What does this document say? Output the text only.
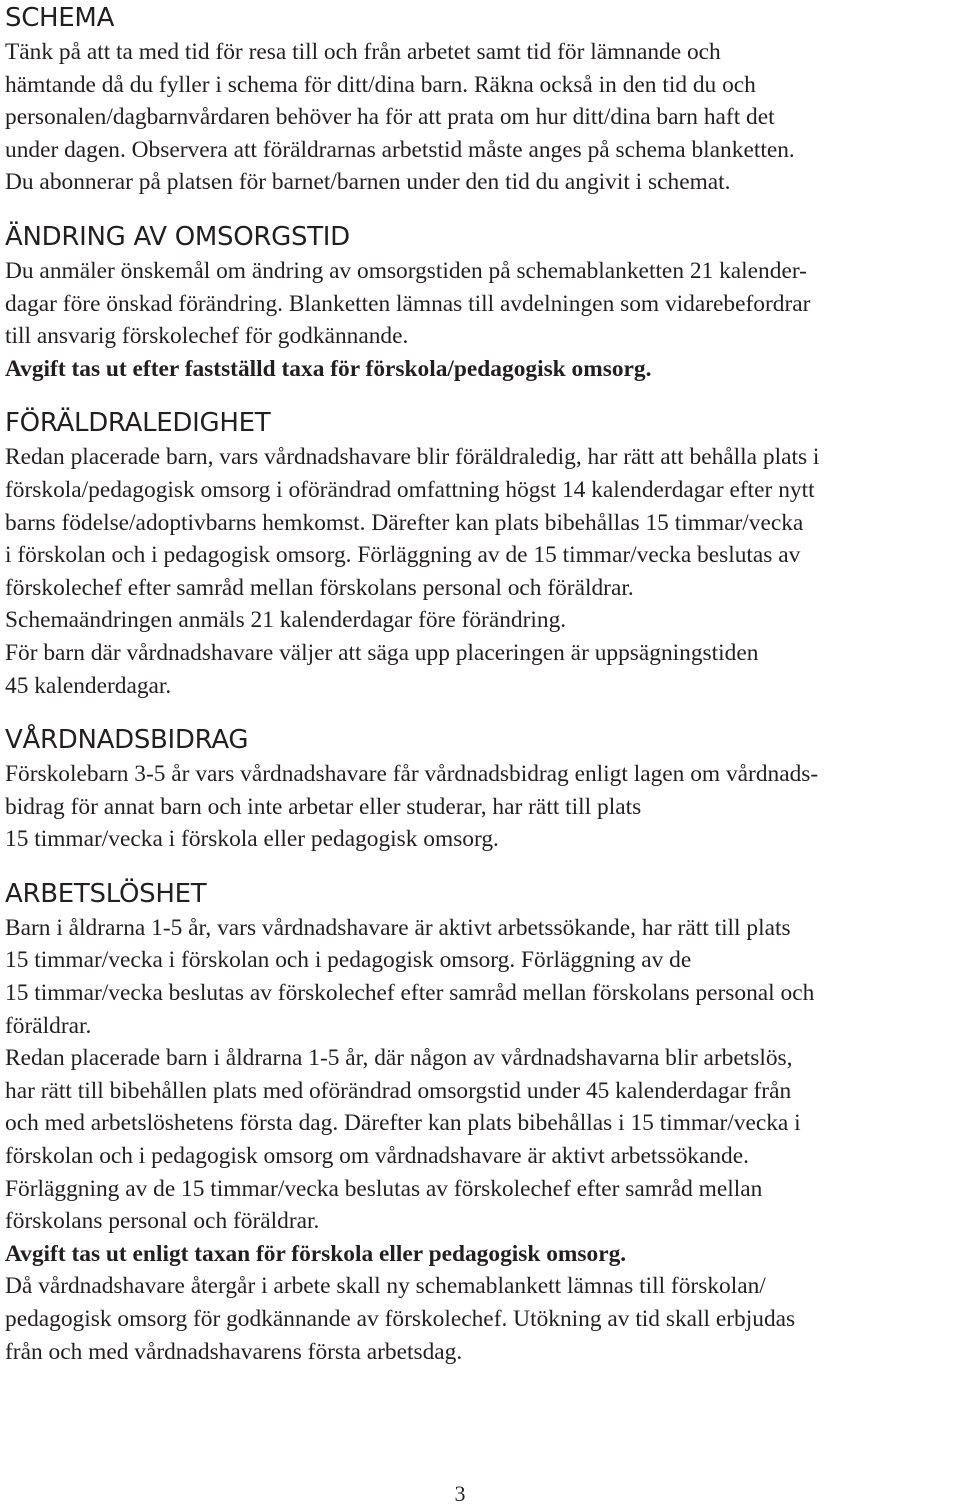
SCHEMA

Tänk på att ta med tid för resa till och från arbetet samt tid för lämnande och
hämtande då du fyller i schema för ditt/dina barn. Räkna också in den tid du och
personalen/dagbarnvårdaren behöver ha för att prata om hur ditt/dina barn haft det
under dagen. Observera att föräldrarnas arbetstid måste anges på schema blanketten.
Du abonnerar på platsen för barnet/barnen under den tid du angivit i schemat.

ÄNDRING AV OMSORGSTID

Du anmäler önskemål om ändring av omsorgstiden på schemablanketten 21 kalender-
dagar före önskad förändring. Blanketten lämnas till avdelningen som vidarebefordrar
till ansvarig förskolechef för godkännande.
Avgift tas ut efter fastställd taxa för förskola/pedagogisk omsorg.

FÖRÄLDRALEDIGHET

Redan placerade barn, vars vårdnadshavare blir föräldraledig, har rätt att behålla plats i
förskola/pedagogisk omsorg i oförändrad omfattning högst 14 kalenderdagar efter nytt
barns födelse/adoptivbarns hemkomst. Därefter kan plats bibehållas 15 timmar/vecka
i förskolan och i pedagogisk omsorg. Förläggning av de 15 timmar/vecka beslutas av
förskolechef efter samråd mellan förskolans personal och föräldrar.
Schemaändringen anmäls 21 kalenderdagar före förändring.
För barn där vårdnadshavare väljer att säga upp placeringen är uppsägningstiden
45 kalenderdagar.

VÅRDNADSBIDRAG

Förskolebarn 3-5 år vars vårdnadshavare får vårdnadsbidrag enligt lagen om vårdnads-
bidrag för annat barn och inte arbetar eller studerar, har rätt till plats
15 timmar/vecka i förskola eller pedagogisk omsorg.

ARBETSLÖSHET

Barn i åldrarna 1-5 år, vars vårdnadshavare är aktivt arbetssökande, har rätt till plats
15 timmar/vecka i förskolan och i pedagogisk omsorg. Förläggning av de
15 timmar/vecka beslutas av förskolechef efter samråd mellan förskolans personal och
föräldrar.
Redan placerade barn i åldrarna 1-5 år, där någon av vårdnadshavarna blir arbetslös,
har rätt till bibehållen plats med oförändrad omsorgstid under 45 kalenderdagar från
och med arbetslöshetens första dag. Därefter kan plats bibehållas i 15 timmar/vecka i
förskolan och i pedagogisk omsorg om vårdnadshavare är aktivt arbetssökande.
Förläggning av de 15 timmar/vecka beslutas av förskolechef efter samråd mellan
förskolans personal och föräldrar.
Avgift tas ut enligt taxan för förskola eller pedagogisk omsorg.
Då vårdnadshavare återgår i arbete skall ny schemablankett lämnas till förskolan/
pedagogisk omsorg för godkännande av förskolechef. Utökning av tid skall erbjudas
från och med vårdnadshavarens första arbetsdag.

3
